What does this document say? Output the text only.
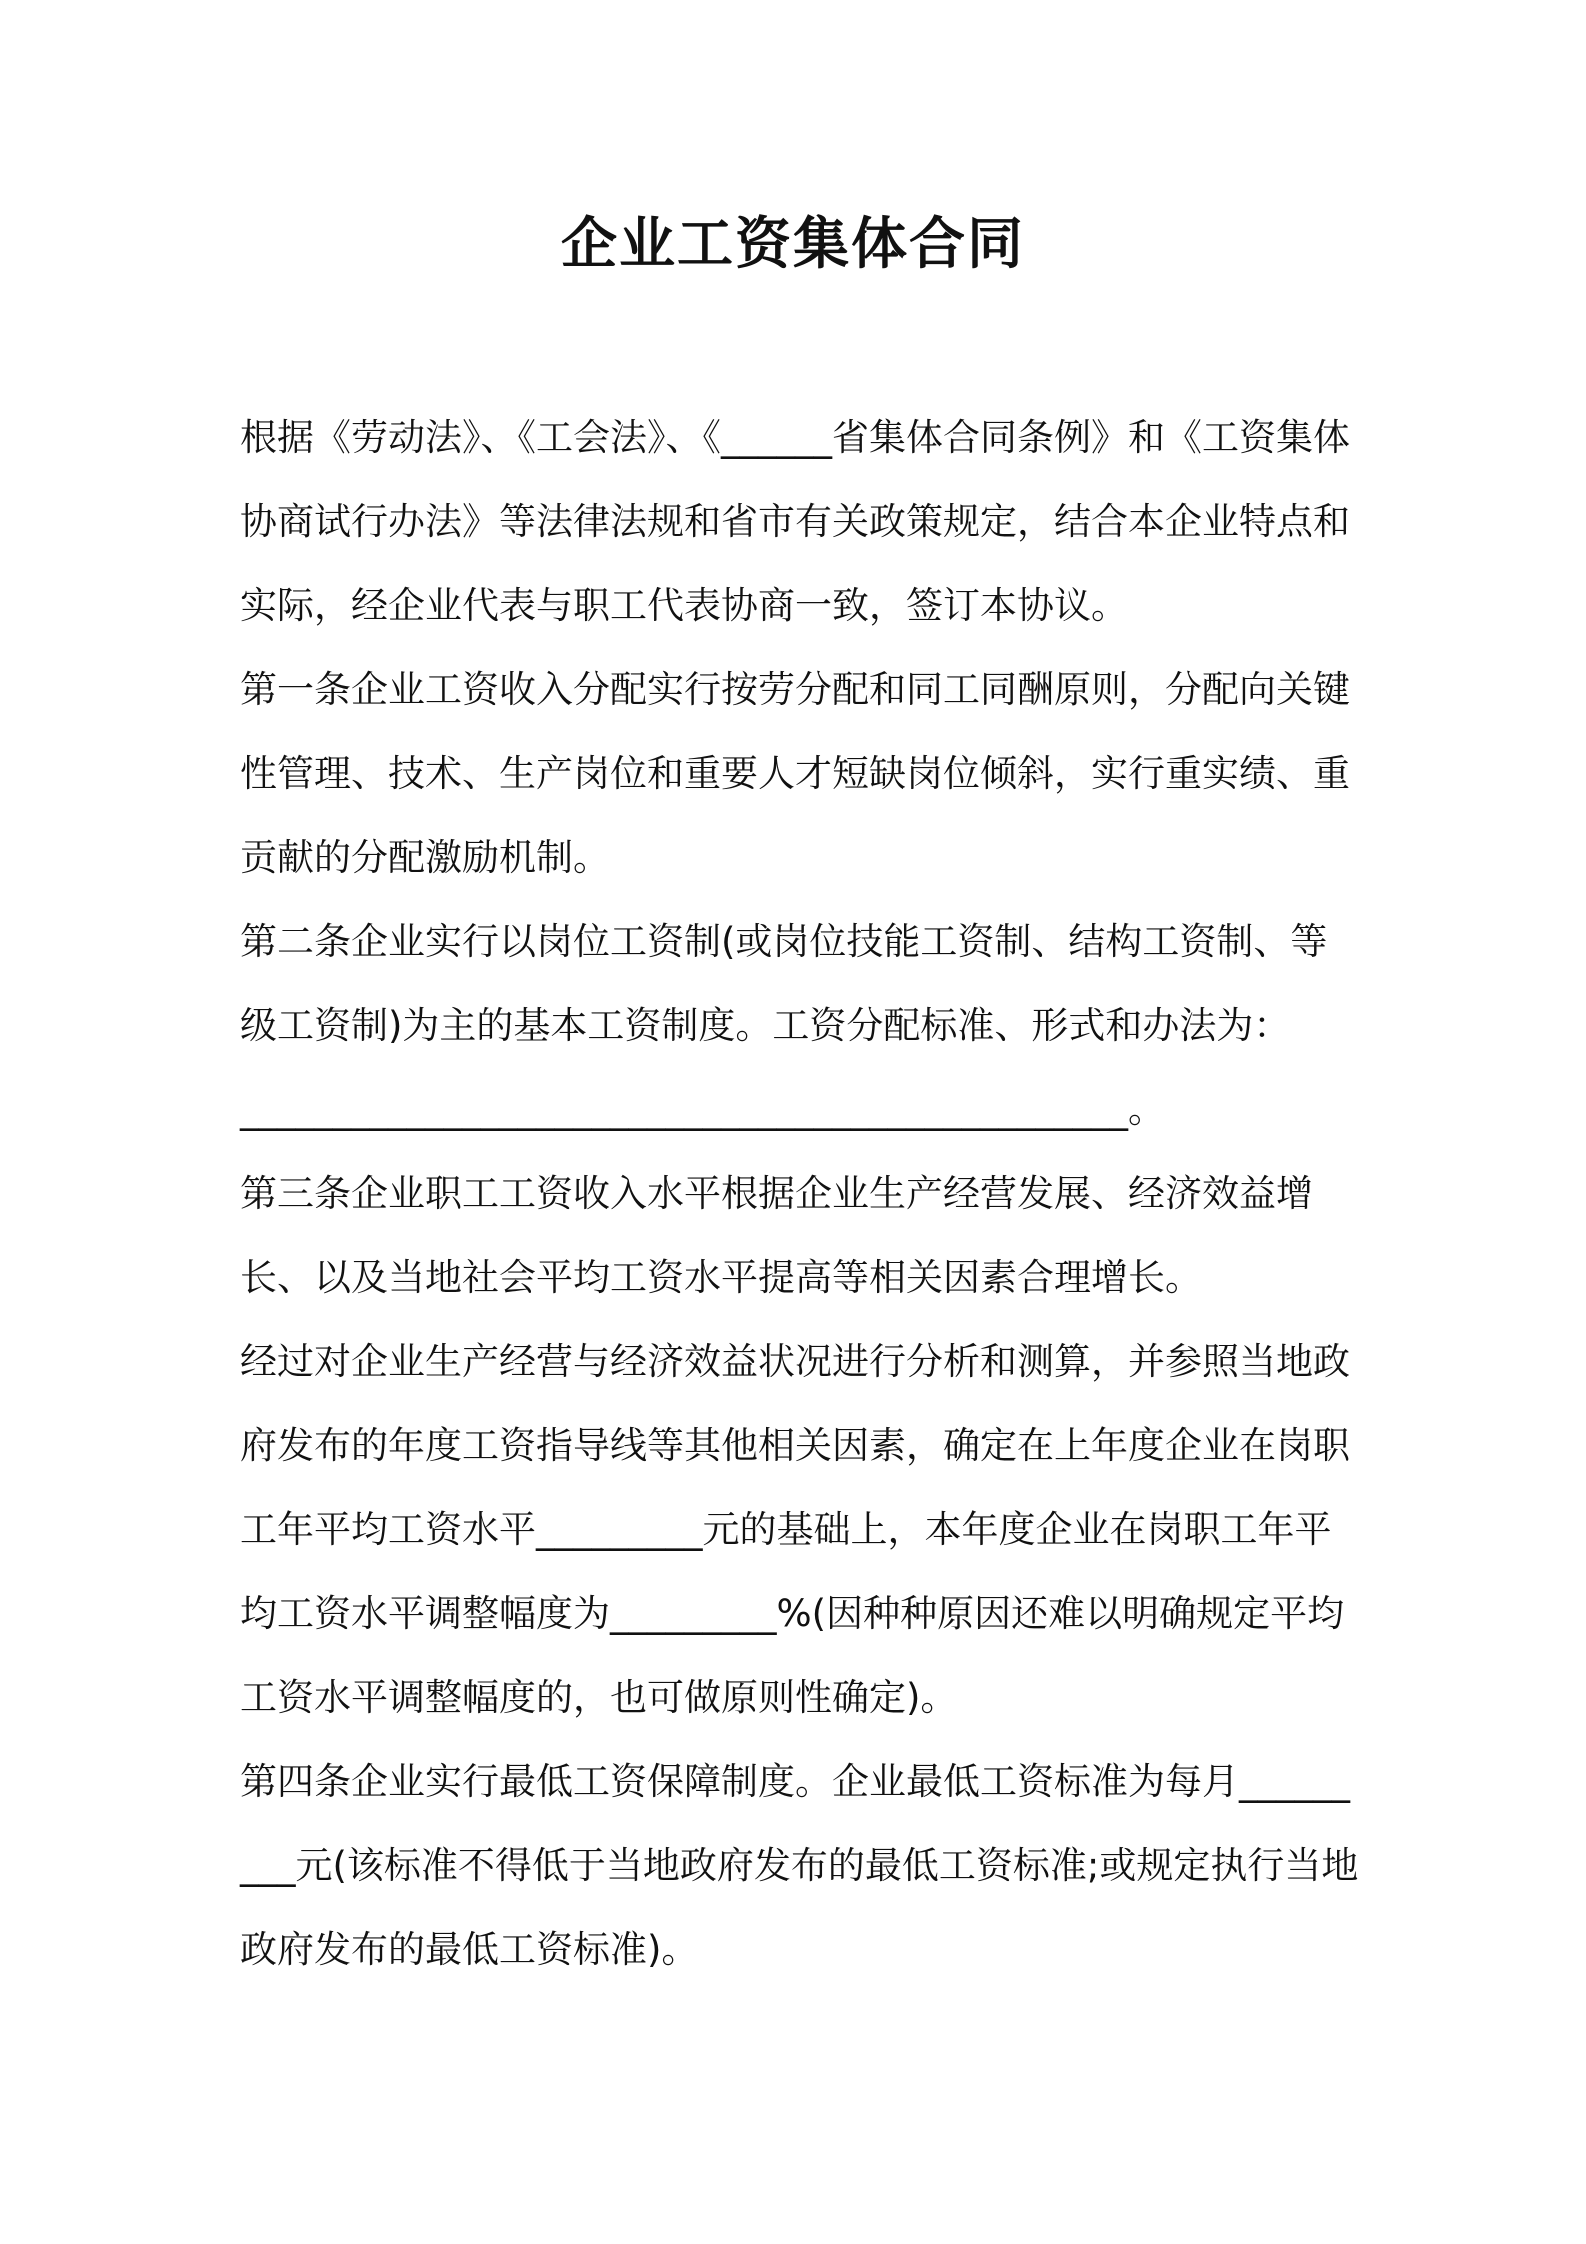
企业工资集体合同

根据《劳动法》、《工会法》、《______省集体合同条例》和《工资集体协商试行办法》等法律法规和省市有关政策规定，结合本企业特点和实际，经企业代表与职工代表协商一致，签订本协议。

第一条企业工资收入分配实行按劳分配和同工同酬原则，分配向关键性管理、技术、生产岗位和重要人才短缺岗位倾斜，实行重实绩、重贡献的分配激励机制。

第二条企业实行以岗位工资制(或岗位技能工资制、结构工资制、等级工资制)为主的基本工资制度。工资分配标准、形式和办法为：

________________________________________________。

第三条企业职工工资收入水平根据企业生产经营发展、经济效益增长、以及当地社会平均工资水平提高等相关因素合理增长。

经过对企业生产经营与经济效益状况进行分析和测算，并参照当地政府发布的年度工资指导线等其他相关因素，确定在上年度企业在岗职工年平均工资水平_________元的基础上，本年度企业在岗职工年平均工资水平调整幅度为_________%(因种种原因还难以明确规定平均工资水平调整幅度的，也可做原则性确定)。

第四条企业实行最低工资保障制度。企业最低工资标准为每月_________元(该标准不得低于当地政府发布的最低工资标准;或规定执行当地政府发布的最低工资标准)。
